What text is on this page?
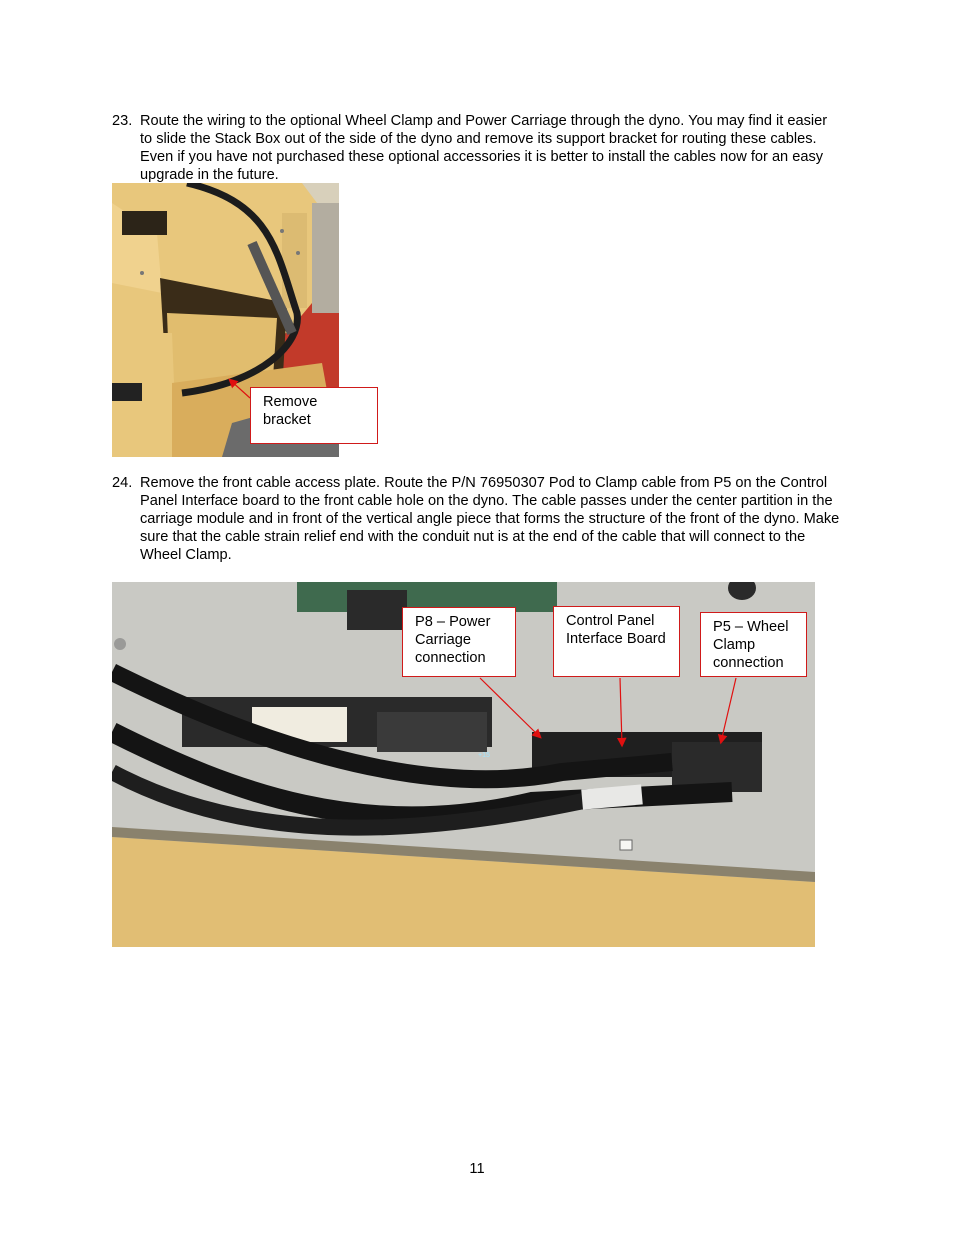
23. Route the wiring to the optional Wheel Clamp and Power Carriage through the dyno. You may find it easier to slide the Stack Box out of the side of the dyno and remove its support bracket for routing these cables. Even if you have not purchased these optional accessories it is better to install the cables now for an easy upgrade in the future.
Remove bracket
24. Remove the front cable access plate. Route the P/N 76950307 Pod to Clamp cable from P5 on the Control Panel Interface board to the front cable hole on the dyno. The cable passes under the center partition in the carriage module and in front of the vertical angle piece that forms the structure of the front of the dyno. Make sure that the cable strain relief end with the conduit nut is at the end of the cable that will connect to the Wheel Clamp.
+15
+15	+15
P8 – Power Carriage connection
Control Panel Interface Board
P5 – Wheel Clamp connection
11
